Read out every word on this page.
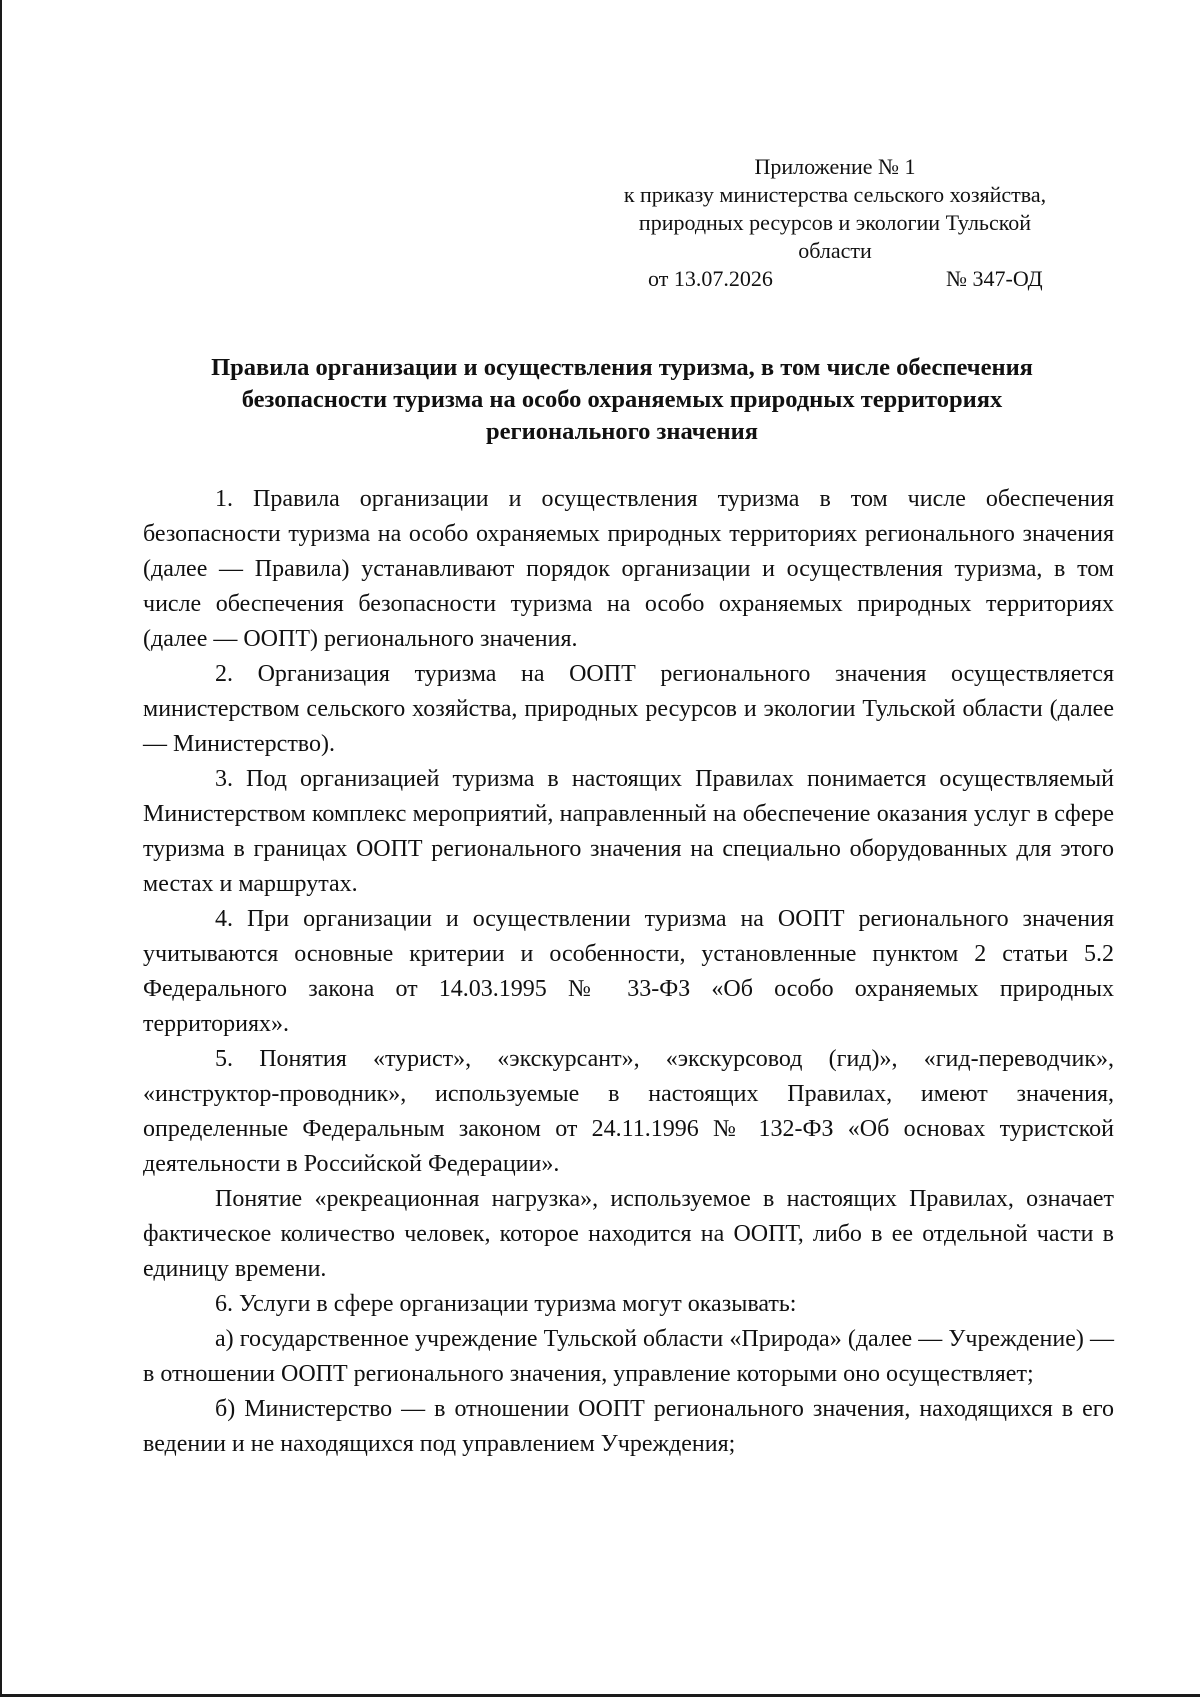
Приложение № 1
к приказу министерства сельского хозяйства,
природных ресурсов и экологии Тульской
области
от 13.07.2026	№ 347-ОД
Правила организации и осуществления туризма, в том числе обеспечения
безопасности туризма на особо охраняемых природных территориях
регионального значения

1. Правила организации и осуществления туризма в том числе обеспечения безопасности туризма на особо охраняемых природных территориях регионального значения (далее — Правила) устанавливают порядок организации и осуществления туризма, в том числе обеспечения безопасности туризма на особо охраняемых природных территориях (далее — ООПТ) регионального значения.

2. Организация туризма на ООПТ регионального значения осуществляется министерством сельского хозяйства, природных ресурсов и экологии Тульской области (далее — Министерство).

3. Под организацией туризма в настоящих Правилах понимается осуществляемый Министерством комплекс мероприятий, направленный на обеспечение оказания услуг в сфере туризма в границах ООПТ регионального значения на специально оборудованных для этого местах и маршрутах.

4. При организации и осуществлении туризма на ООПТ регионального значения учитываются основные критерии и особенности, установленные пунктом 2 статьи 5.2 Федерального закона от 14.03.1995 № 33-ФЗ «Об особо охраняемых природных территориях».

5. Понятия «турист», «экскурсант», «экскурсовод (гид)», «гид-переводчик», «инструктор-проводник», используемые в настоящих Правилах, имеют значения, определенные Федеральным законом от 24.11.1996 № 132-ФЗ «Об основах туристской деятельности в Российской Федерации».

Понятие «рекреационная нагрузка», используемое в настоящих Правилах, означает фактическое количество человек, которое находится на ООПТ, либо в ее отдельной части в единицу времени.

6. Услуги в сфере организации туризма могут оказывать:

а) государственное учреждение Тульской области «Природа» (далее — Учреждение) — в отношении ООПТ регионального значения, управление которыми оно осуществляет;

б) Министерство — в отношении ООПТ регионального значения, находящихся в его ведении и не находящихся под управлением Учреждения;
